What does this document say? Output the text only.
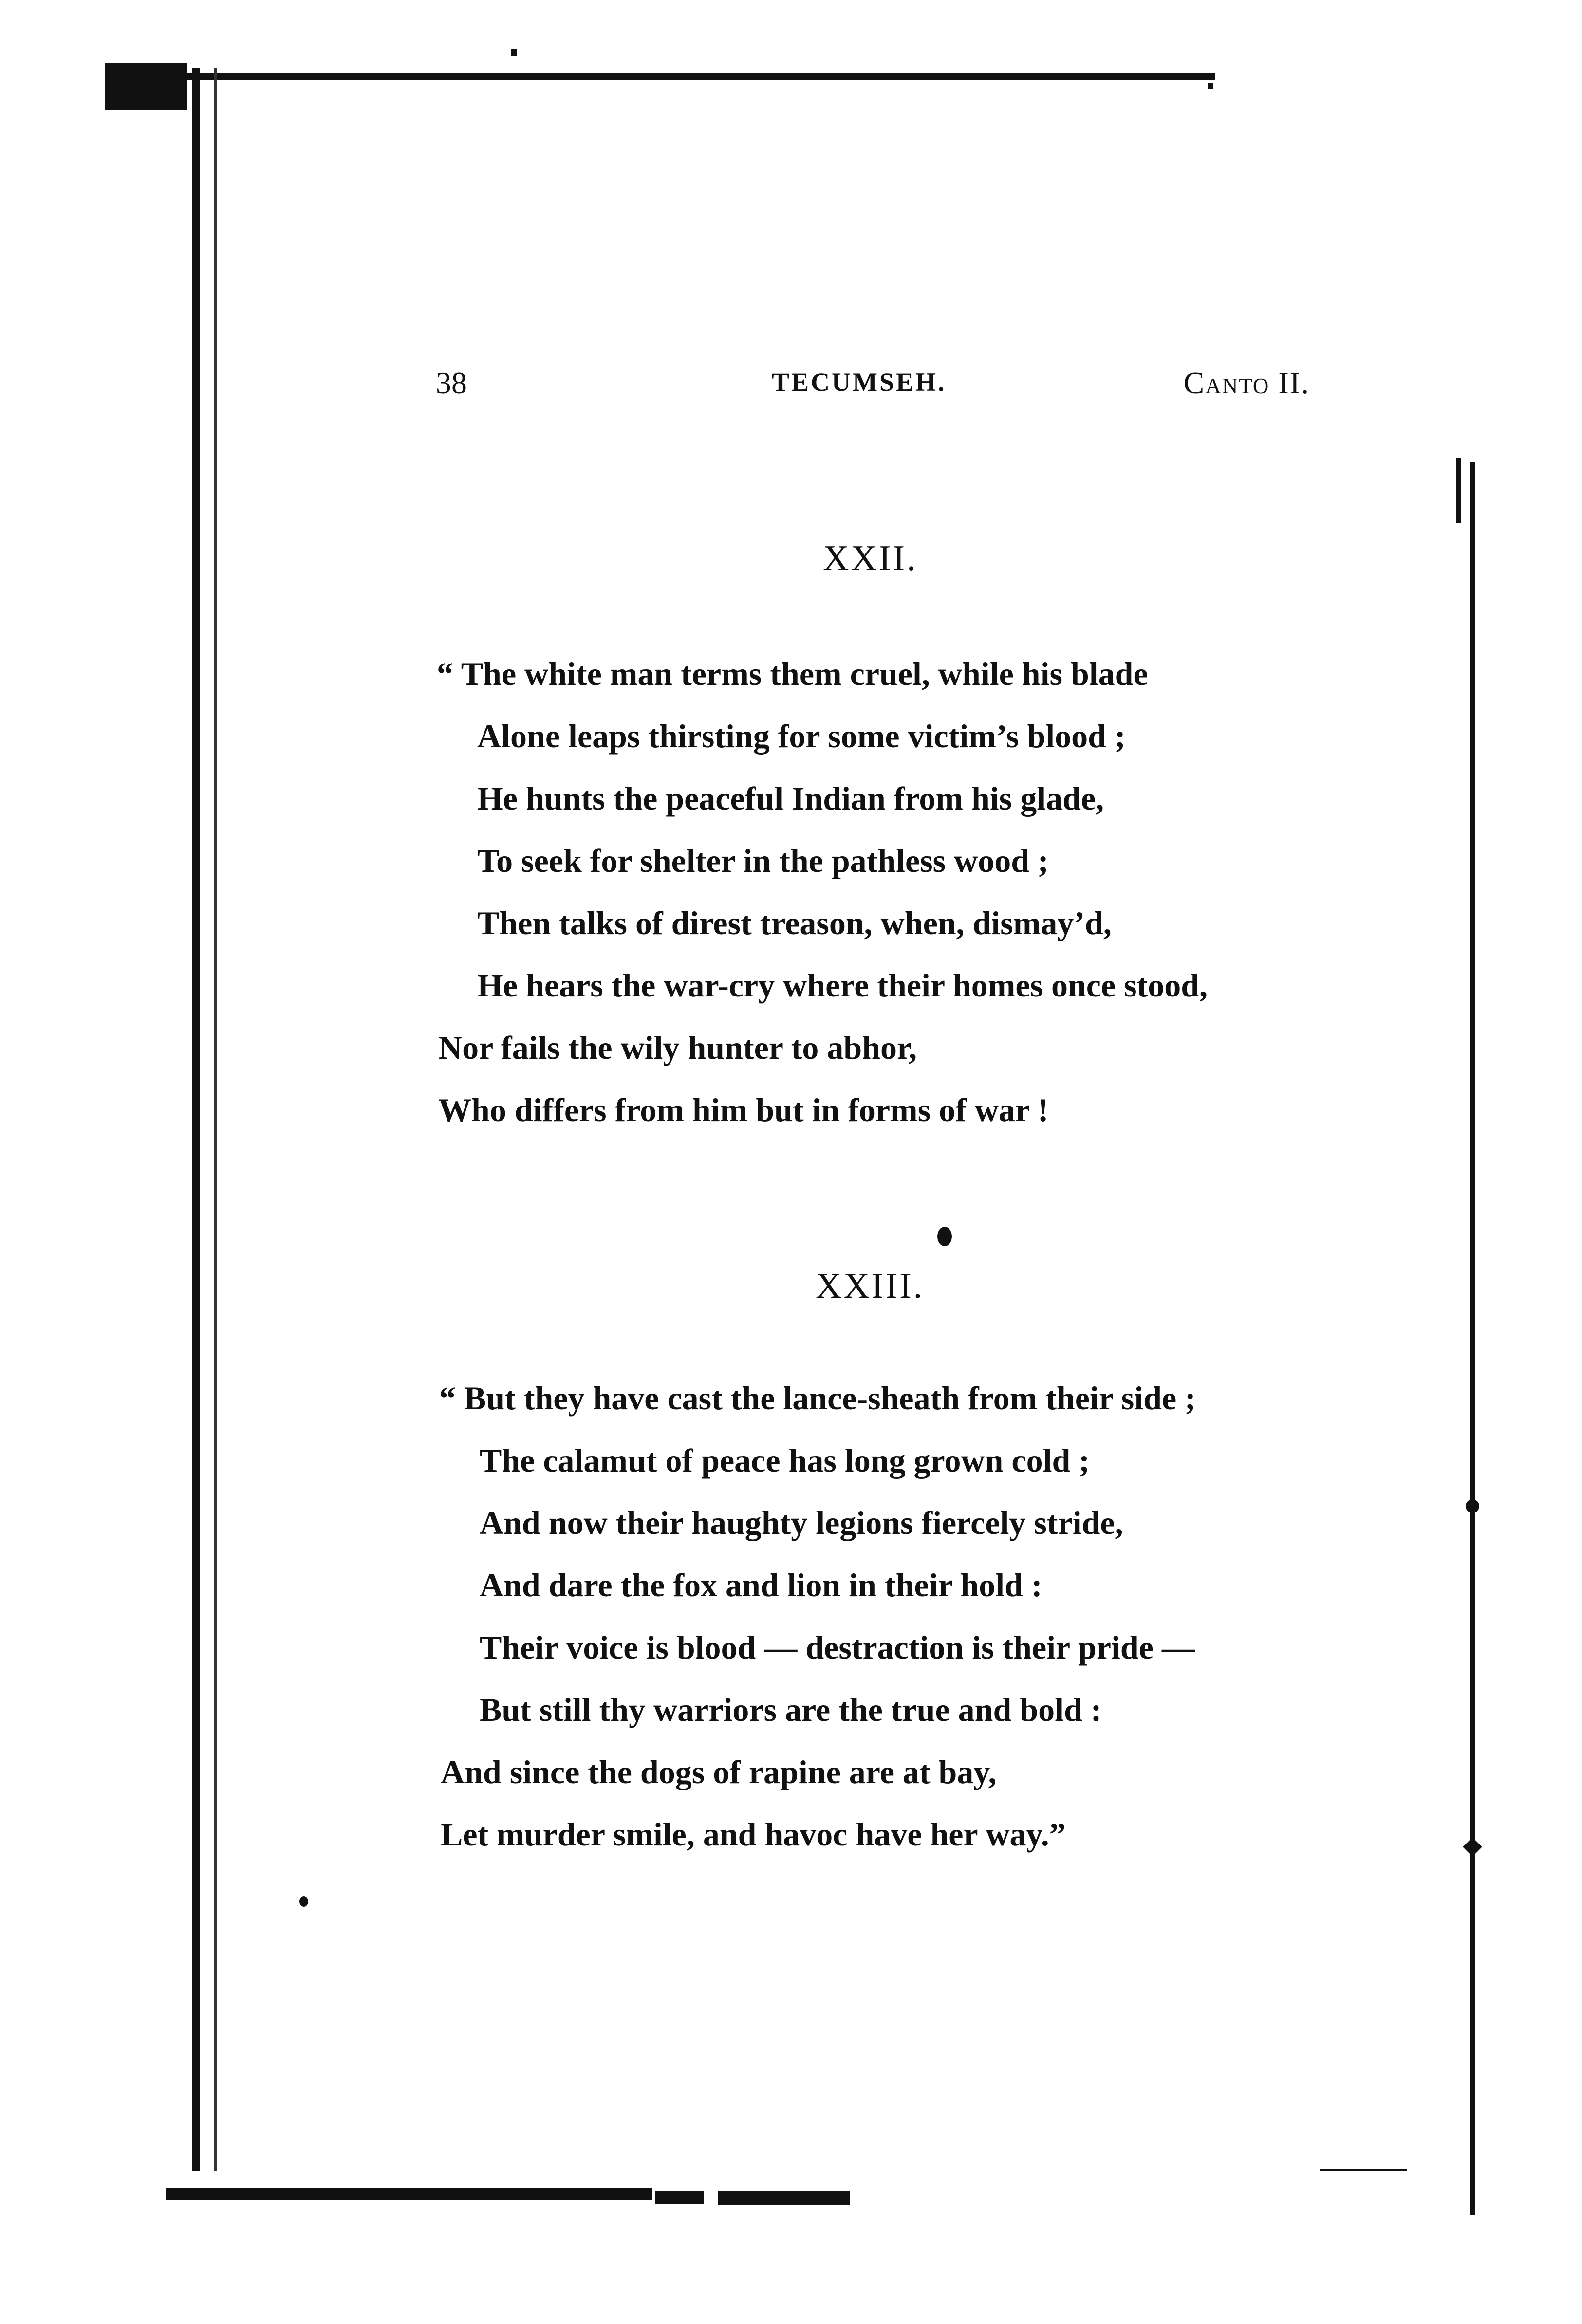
38	TECUMSEH.	Canto II.
XXII.
“ The white man terms them cruel, while his blade
Alone leaps thirsting for some victim’s blood ;
He hunts the peaceful Indian from his glade,
To seek for shelter in the pathless wood ;
Then talks of direst treason, when, dismay’d,
He hears the war-cry where their homes once stood,
Nor fails the wily hunter to abhor,
Who differs from him but in forms of war !
XXIII.
“ But they have cast the lance-sheath from their side ;
The calamut of peace has long grown cold ;
And now their haughty legions fiercely stride,
And dare the fox and lion in their hold :
Their voice is blood — destraction is their pride —
But still thy warriors are the true and bold :
And since the dogs of rapine are at bay,
Let murder smile, and havoc have her way.”
